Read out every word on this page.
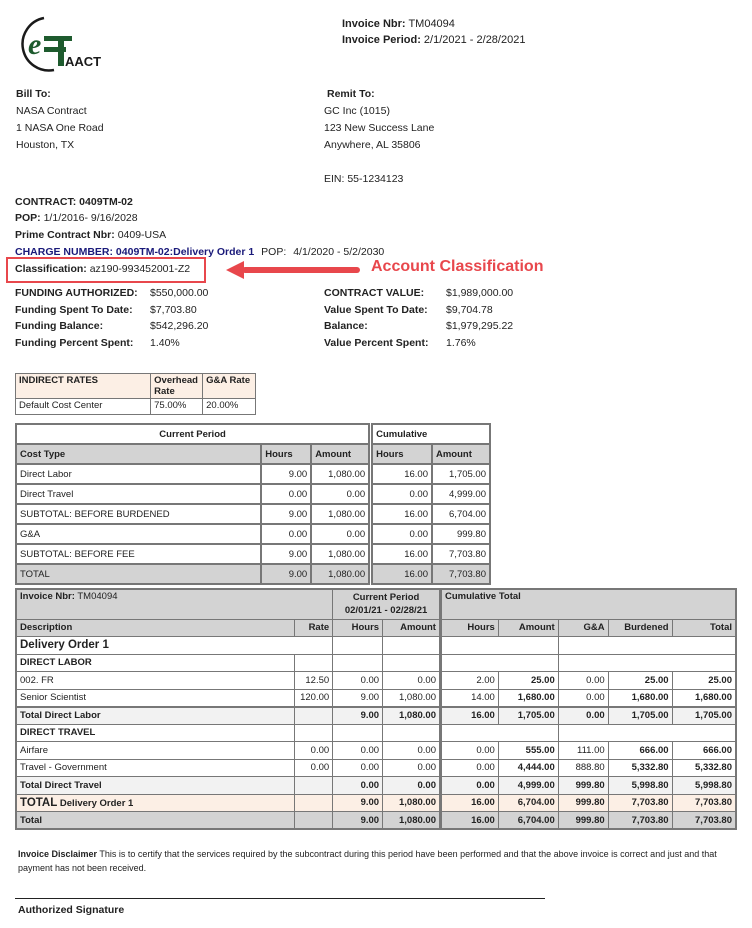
e
AACT
Invoice Nbr: TM04094
Invoice Period: 2/1/2021 - 2/28/2021
Bill To:
NASA Contract
1 NASA One Road
Houston, TX
Remit To:
GC Inc (1015)
123 New Success Lane
Anywhere, AL 35806
EIN: 55-1234123
CONTRACT: 0409TM-02
POP: 1/1/2016- 9/16/2028
Prime Contract Nbr: 0409-USA
CHARGE NUMBER: 0409TM-02:Delivery Order 1 POP: 4/1/2020 - 5/2/2030
Classification: az190-993452001-Z2	Account Classification
FUNDING AUTHORIZED: $550,000.00
Funding Spent To Date: $7,703.80
Funding Balance:	$542,296.20
Funding Percent Spent: 1.40%
CONTRACT VALUE: $1,989,000.00
Value Spent To Date: $9,704.78
Balance:	$1,979,295.22
Value Percent Spent: 1.76%
INDIRECT RATES	Overhead Rate	G&A Rate
Default Cost Center	75.00%	20.00%
Current Period				Cumulative	
Cost Type	Hours	Amount		Hours	Amount
Direct Labor	9.00	1,080.00		16.00	1,705.00
Direct Travel	0.00	0.00		0.00	4,999.00
SUBTOTAL: BEFORE BURDENED	9.00	1,080.00		16.00	6,704.00
G&A	0.00	0.00		0.00	999.80
SUBTOTAL: BEFORE FEE	9.00	1,080.00		16.00	7,703.80
TOTAL	9.00	1,080.00		16.00	7,703.80
Invoice Nbr: TM04094		Current Period
02/01/21 - 02/28/21		Cumulative Total				
Description	Rate	Hours	Amount	Hours	Amount	G&A	Burdened	Total
Delivery Order 1								
DIRECT LABOR								
002. FR	12.50	0.00	0.00	2.00	25.00	0.00	25.00	25.00
Senior Scientist	120.00	9.00	1,080.00	14.00	1,680.00	0.00	1,680.00	1,680.00
Total Direct Labor		9.00	1,080.00	16.00	1,705.00	0.00	1,705.00	1,705.00
DIRECT TRAVEL								
Airfare	0.00	0.00	0.00	0.00	555.00	111.00	666.00	666.00
Travel - Government	0.00	0.00	0.00	0.00	4,444.00	888.80	5,332.80	5,332.80
Total Direct Travel		0.00	0.00	0.00	4,999.00	999.80	5,998.80	5,998.80
TOTAL Delivery Order 1		9.00	1,080.00	16.00	6,704.00	999.80	7,703.80	7,703.80
Total		9.00	1,080.00	16.00	6,704.00	999.80	7,703.80	7,703.80
Invoice Disclaimer This is to certify that the services required by the subcontract during this period have been performed and that the above invoice is correct and just and that payment has not been received.
Authorized Signature
